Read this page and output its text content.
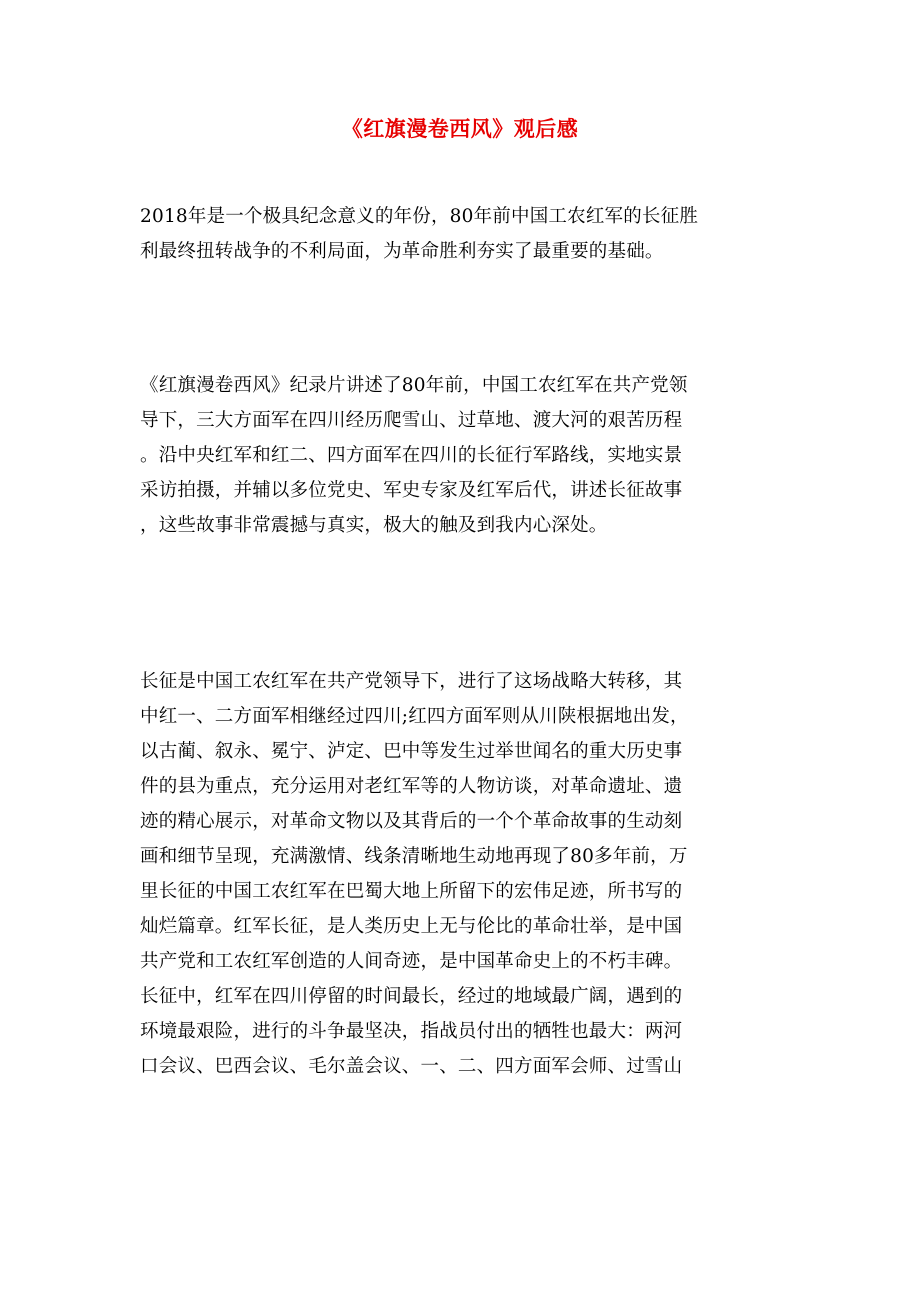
《红旗漫卷西风》观后感
2018年是一个极具纪念意义的年份，80年前中国工农红军的长征胜
利最终扭转战争的不利局面，为革命胜利夯实了最重要的基础。
《红旗漫卷西风》纪录片讲述了80年前，中国工农红军在共产党领
导下，三大方面军在四川经历爬雪山、过草地、渡大河的艰苦历程
。沿中央红军和红二、四方面军在四川的长征行军路线，实地实景
采访拍摄，并辅以多位党史、军史专家及红军后代，讲述长征故事
，这些故事非常震撼与真实，极大的触及到我内心深处。
长征是中国工农红军在共产党领导下，进行了这场战略大转移，其
中红一、二方面军相继经过四川;红四方面军则从川陕根据地出发，
以古蔺、叙永、冕宁、泸定、巴中等发生过举世闻名的重大历史事
件的县为重点，充分运用对老红军等的人物访谈，对革命遗址、遗
迹的精心展示，对革命文物以及其背后的一个个革命故事的生动刻
画和细节呈现，充满激情、线条清晰地生动地再现了80多年前，万
里长征的中国工农红军在巴蜀大地上所留下的宏伟足迹，所书写的
灿烂篇章。红军长征，是人类历史上无与伦比的革命壮举，是中国
共产党和工农红军创造的人间奇迹，是中国革命史上的不朽丰碑。
长征中，红军在四川停留的时间最长，经过的地域最广阔，遇到的
环境最艰险，进行的斗争最坚决，指战员付出的牺牲也最大：两河
口会议、巴西会议、毛尔盖会议、一、二、四方面军会师、过雪山
